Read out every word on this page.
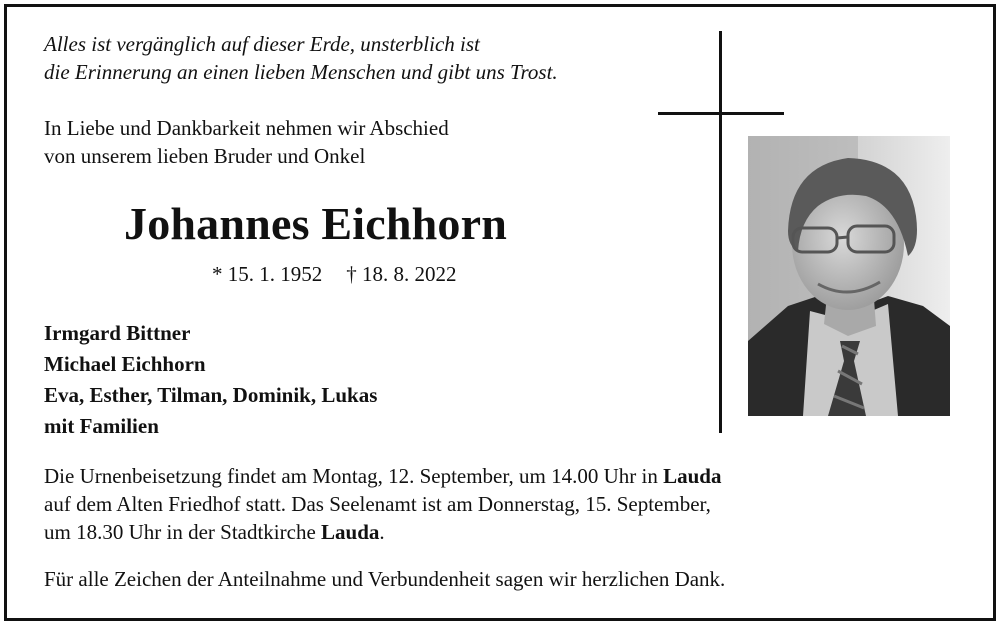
Alles ist vergänglich auf dieser Erde, unsterblich ist
die Erinnerung an einen lieben Menschen und gibt uns Trost.
In Liebe und Dankbarkeit nehmen wir Abschied
von unserem lieben Bruder und Onkel
Johannes Eichhorn
* 15. 1. 1952 † 18. 8. 2022
Irmgard Bittner
Michael Eichhorn
Eva, Esther, Tilman, Dominik, Lukas
mit Familien
Die Urnenbeisetzung findet am Montag, 12. September, um 14.00 Uhr in Lauda
auf dem Alten Friedhof statt. Das Seelenamt ist am Donnerstag, 15. September,
um 18.30 Uhr in der Stadtkirche Lauda.
Für alle Zeichen der Anteilnahme und Verbundenheit sagen wir herzlichen Dank.
